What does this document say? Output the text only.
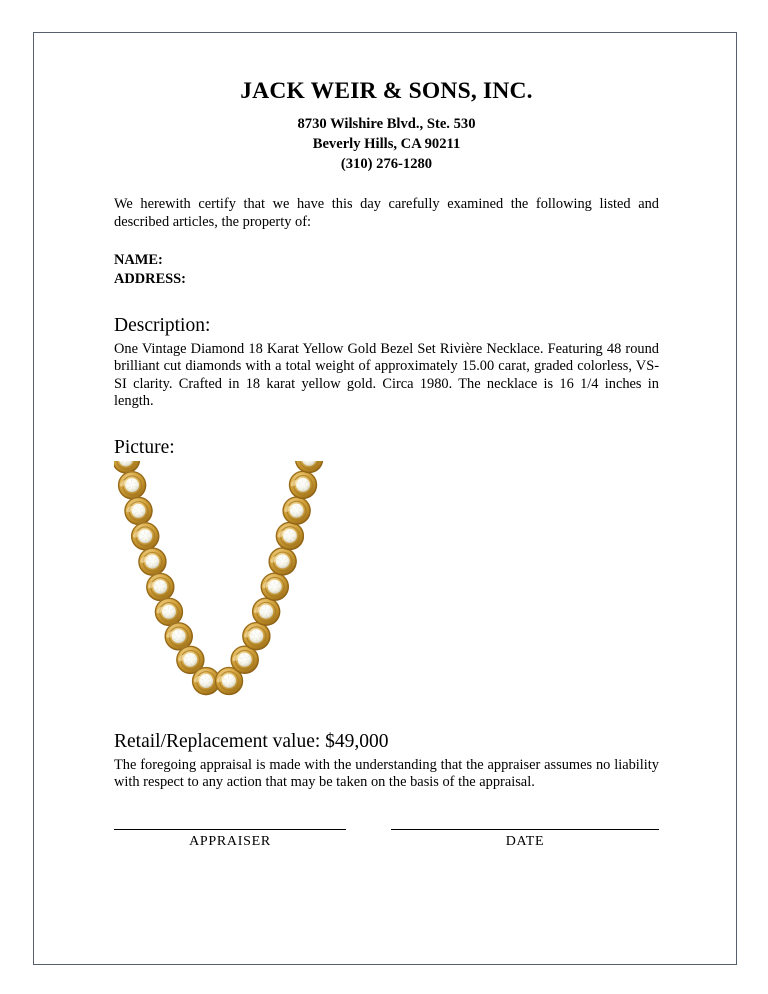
JACK WEIR & SONS, INC.
8730 Wilshire Blvd., Ste. 530
Beverly Hills, CA 90211
(310) 276-1280

We herewith certify that we have this day carefully examined the following listed and described articles, the property of:

NAME:
ADDRESS:
Description:

One Vintage Diamond 18 Karat Yellow Gold Bezel Set Rivière Necklace. Featuring 48 round brilliant cut diamonds with a total weight of approximately 15.00 carat, graded colorless, VS-SI clarity. Crafted in 18 karat yellow gold. Circa 1980. The necklace is 16 1/4 inches in length.

Picture:
Retail/Replacement value: $49,000

The foregoing appraisal is made with the understanding that the appraiser assumes no liability with respect to any action that may be taken on the basis of the appraisal.

APPRAISER	DATE
